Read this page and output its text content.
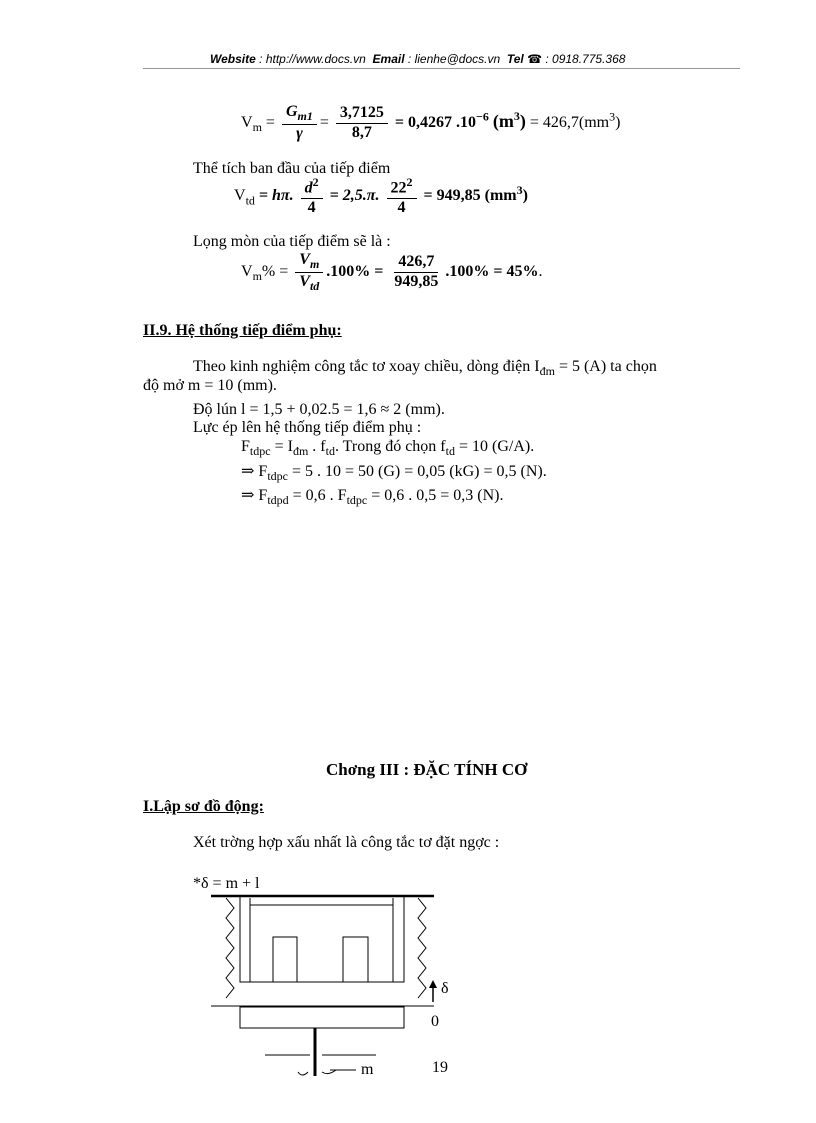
Website : http://www.docs.vn Email : lienhe@docs.vn Tel ☎ : 0918.775.368
$V_m = \frac{G_{m1}}{\gamma} = \frac{3,7125}{8,7} = 0,4267$ $.10^{-6}$ $(m^3) = 426,7(mm^3)$
Thể tích ban đầu của tiếp điểm
$V_{td} = h\pi$. $\frac{d^2}{4} = 2,5.\pi$. $\frac{22^2}{4} = 949,85$ $(mm^3)$
Lọng mòn của tiếp điểm sẽ là :
$V_m\% = \frac{V_m}{V_{td}} .100\% = \frac{426,7}{949,85} .100\% = 45\%$.
II.9. Hệ thống tiếp điểm phụ:
Theo kinh nghiệm công tắc tơ xoay chiều, dòng điện $I_{đm} = 5$ (A) ta chọn
độ mở m = 10 (mm).
Độ lún l = 1,5 + 0,02.5 = 1,6 ≈ 2 (mm).
Lực ép lên hệ thống tiếp điểm phụ :
$F_{tdpc} = I_{đm}$ . $f_{td}$. Trong đó chọn $f_{td} = 10$ (G/A).
⇒ $F_{tdpc} = 5$ . 10 = 50 (G) = 0,05 (kG) = 0,5 (N).
⇒ $F_{tdpd} = 0,6$ . $F_{tdpc} = 0,6$ . 0,5 = 0,3 (N).
Chơng III : ĐẶC TÍNH CƠ
I.Lập sơ đồ động:
Xét trờng hợp xấu nhất là công tắc tơ đặt ngợc :
*δ = m + l
δ
0
m	19
